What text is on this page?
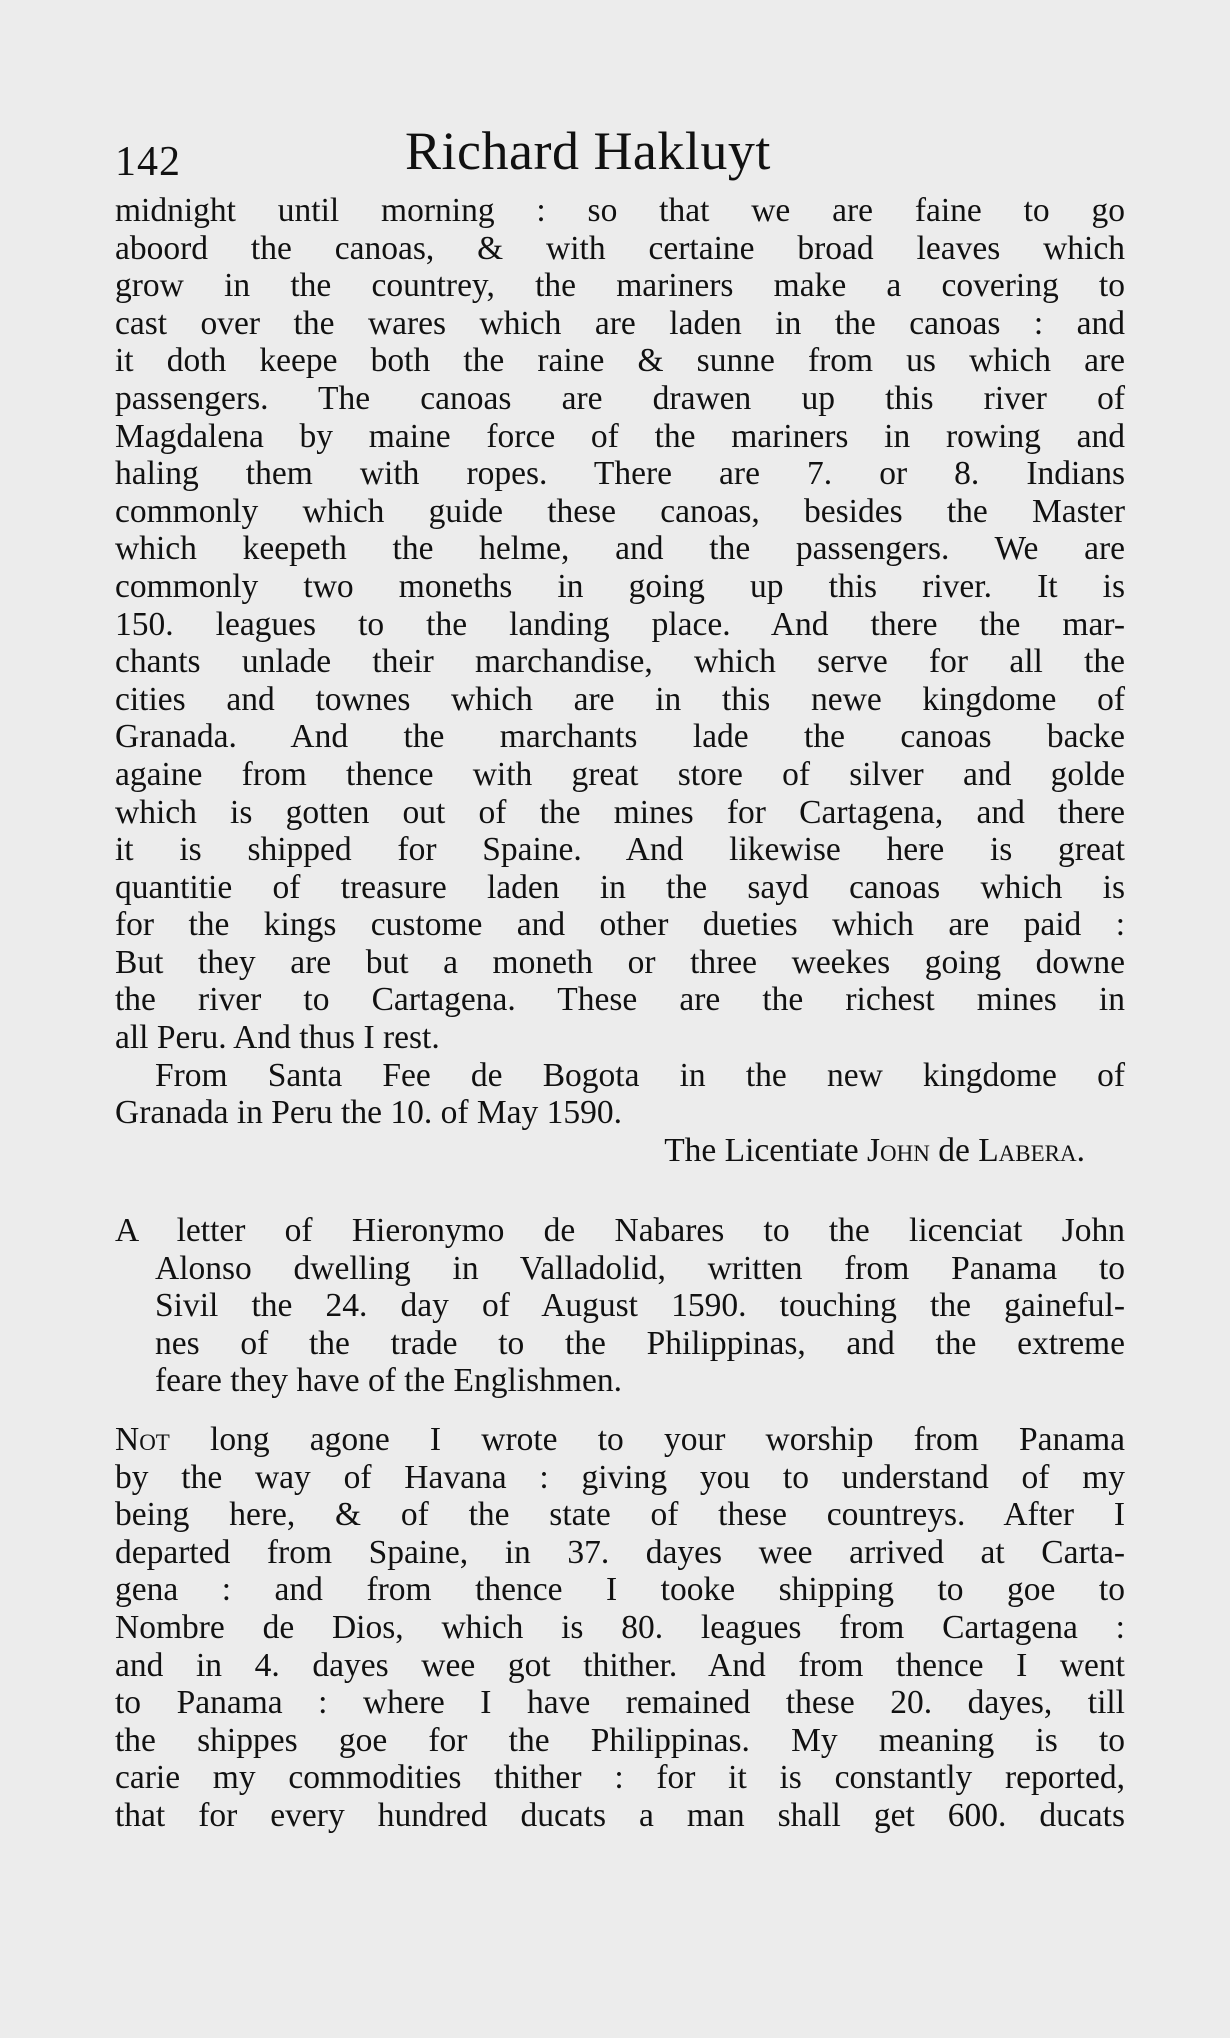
142	Richard Hakluyt
midnight until morning : so that we are faine to go
aboord the canoas, & with certaine broad leaves which
grow in the countrey, the mariners make a covering to
cast over the wares which are laden in the canoas : and
it doth keepe both the raine & sunne from us which are
passengers. The canoas are drawen up this river of
Magdalena by maine force of the mariners in rowing and
haling them with ropes. There are 7. or 8. Indians
commonly which guide these canoas, besides the Master
which keepeth the helme, and the passengers. We are
commonly two moneths in going up this river. It is
150. leagues to the landing place. And there the mar-
chants unlade their marchandise, which serve for all the
cities and townes which are in this newe kingdome of
Granada. And the marchants lade the canoas backe
againe from thence with great store of silver and golde
which is gotten out of the mines for Cartagena, and there
it is shipped for Spaine. And likewise here is great
quantitie of treasure laden in the sayd canoas which is
for the kings custome and other dueties which are paid :
But they are but a moneth or three weekes going downe
the river to Cartagena. These are the richest mines in
all Peru. And thus I rest.
From Santa Fee de Bogota in the new kingdome of
Granada in Peru the 10. of May 1590.
The Licentiate John de Labera.
A letter of Hieronymo de Nabares to the licenciat John
Alonso dwelling in Valladolid, written from Panama to
Sivil the 24. day of August 1590. touching the gaineful-
nes of the trade to the Philippinas, and the extreme
feare they have of the Englishmen.
Not long agone I wrote to your worship from Panama
by the way of Havana : giving you to understand of my
being here, & of the state of these countreys. After I
departed from Spaine, in 37. dayes wee arrived at Carta-
gena : and from thence I tooke shipping to goe to
Nombre de Dios, which is 80. leagues from Cartagena :
and in 4. dayes wee got thither. And from thence I went
to Panama : where I have remained these 20. dayes, till
the shippes goe for the Philippinas. My meaning is to
carie my commodities thither : for it is constantly reported,
that for every hundred ducats a man shall get 600. ducats
